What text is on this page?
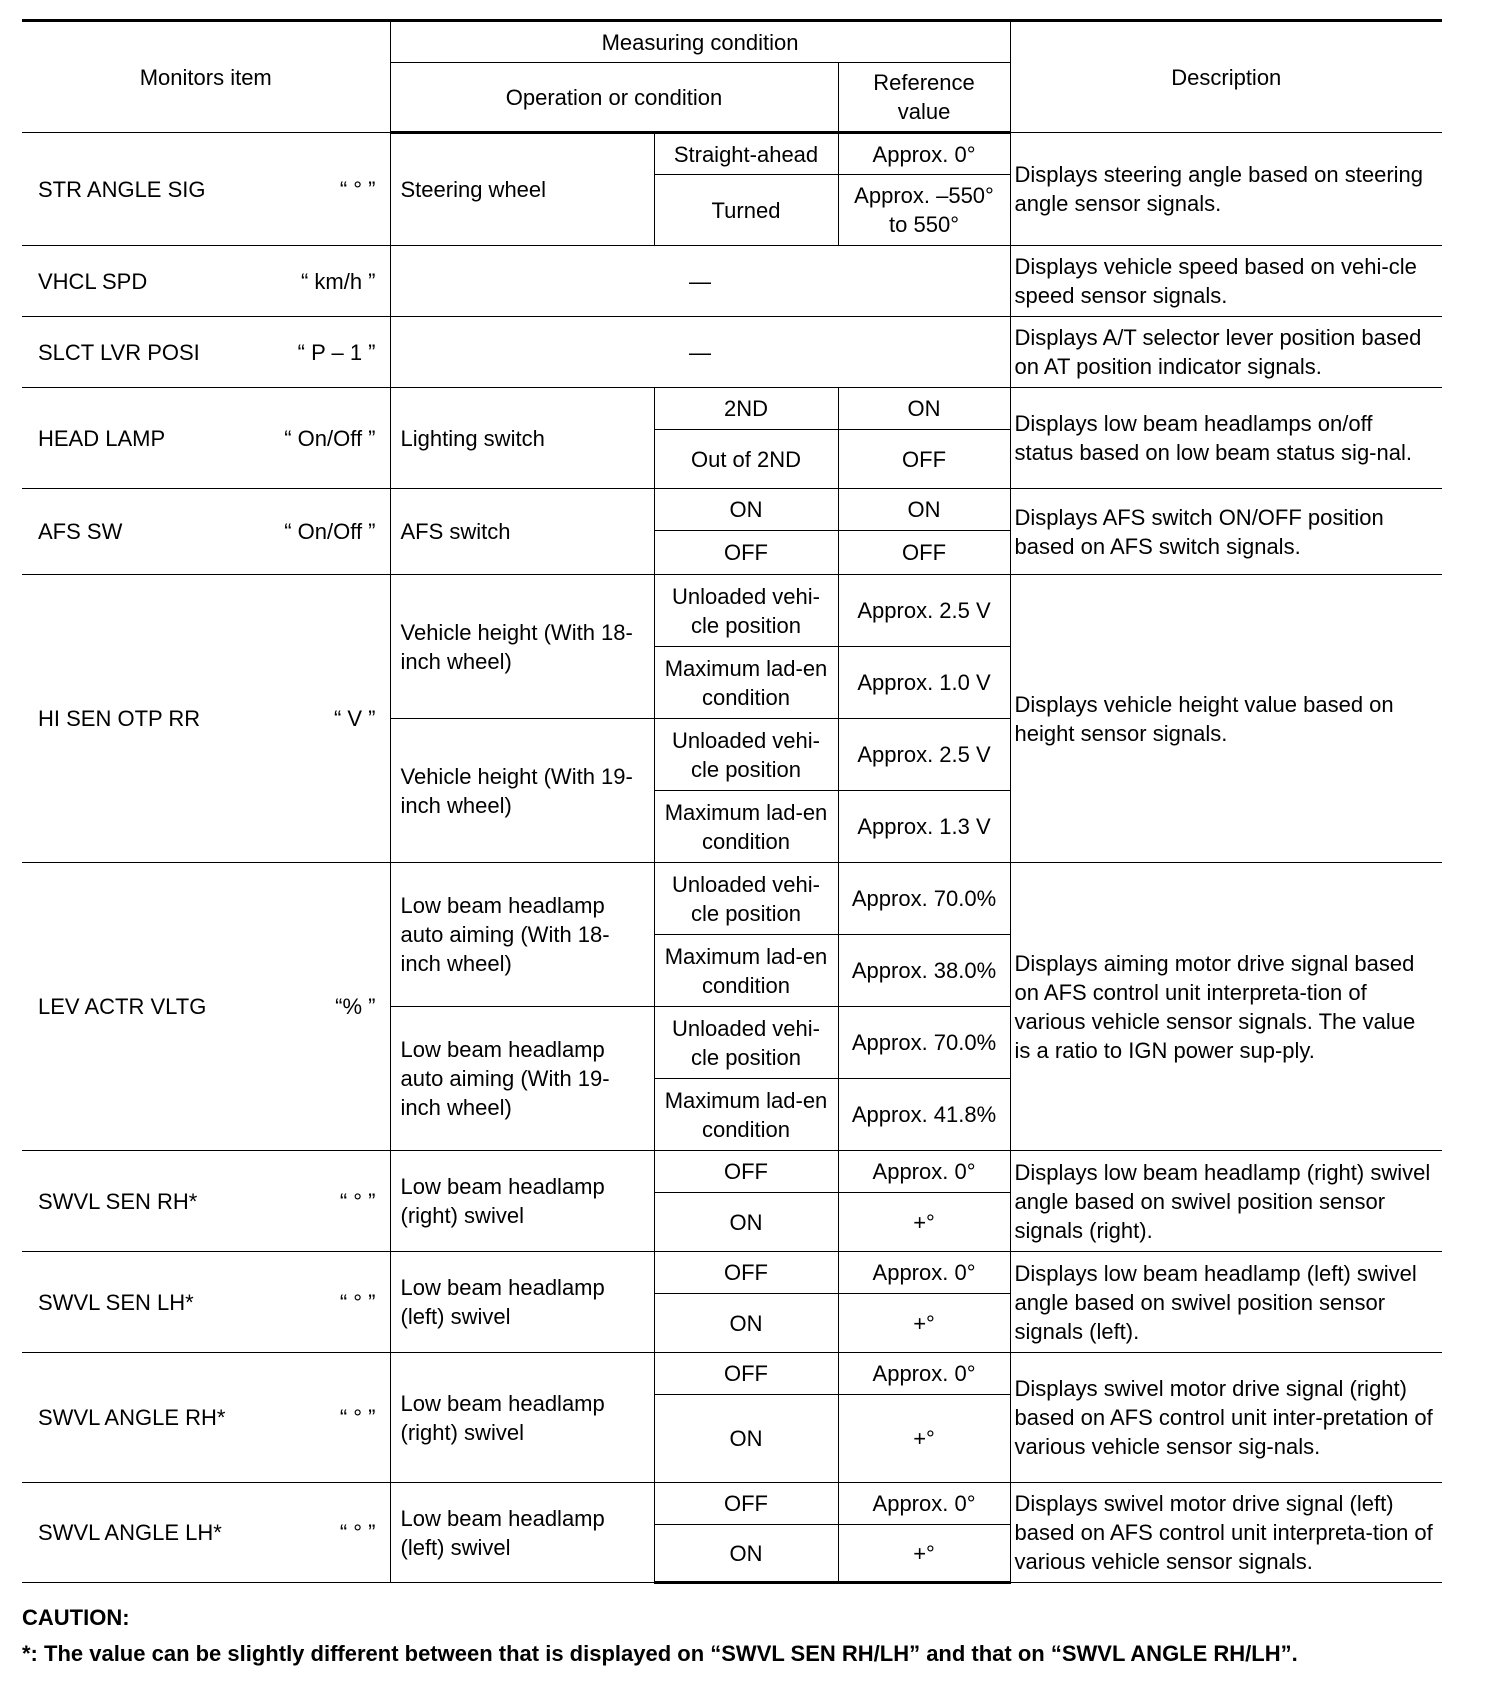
Monitors item	Measuring condition			Description
	Operation or condition		Reference value	

STR ANGLE SIG “ ° ”	Steering wheel	Straight-ahead	Approx. 0°	Displays steering angle based on steering angle sensor signals.
		Turned	Approx. –550° to 550°	

VHCL SPD “ km/h ”	—			Displays vehicle speed based on vehi-cle speed sensor signals.

SLCT LVR POSI “ P – 1 ”	—			Displays A/T selector lever position based on AT position indicator signals.

HEAD LAMP “ On/Off ”	Lighting switch	2ND	ON	Displays low beam headlamps on/off status based on low beam status sig-nal.
		Out of 2ND	OFF	

AFS SW “ On/Off ”	AFS switch	ON	ON	Displays AFS switch ON/OFF position based on AFS switch signals.
		OFF	OFF	

HI SEN OTP RR “ V ”	Vehicle height (With 18-inch wheel)	Unloaded vehi-cle position	Approx. 2.5 V	Displays vehicle height value based on height sensor signals.
		Maximum lad-en condition	Approx. 1.0 V	
	Vehicle height (With 19-inch wheel)	Unloaded vehi-cle position	Approx. 2.5 V	
		Maximum lad-en condition	Approx. 1.3 V	

LEV ACTR VLTG “% ”	Low beam headlamp auto aiming (With 18-inch wheel)	Unloaded vehi-cle position	Approx. 70.0%	Displays aiming motor drive signal based on AFS control unit interpreta-tion of various vehicle sensor signals. The value is a ratio to IGN power sup-ply.
		Maximum lad-en condition	Approx. 38.0%	
	Low beam headlamp auto aiming (With 19-inch wheel)	Unloaded vehi-cle position	Approx. 70.0%	
		Maximum lad-en condition	Approx. 41.8%	

SWVL SEN RH* “ ° ”	Low beam headlamp (right) swivel	OFF	Approx. 0°	Displays low beam headlamp (right) swivel angle based on swivel position sensor signals (right).
		ON	+°	

SWVL SEN LH* “ ° ”	Low beam headlamp (left) swivel	OFF	Approx. 0°	Displays low beam headlamp (left) swivel angle based on swivel position sensor signals (left).
		ON	+°	

SWVL ANGLE RH* “ ° ”	Low beam headlamp (right) swivel	OFF	Approx. 0°	Displays swivel motor drive signal (right) based on AFS control unit inter-pretation of various vehicle sensor sig-nals.
		ON	+°	

SWVL ANGLE LH* “ ° ”	Low beam headlamp (left) swivel	OFF	Approx. 0°	Displays swivel motor drive signal (left) based on AFS control unit interpreta-tion of various vehicle sensor signals.
		ON	+°	
CAUTION:
*: The value can be slightly different between that is displayed on “SWVL SEN RH/LH” and that on “SWVL ANGLE RH/LH”.
